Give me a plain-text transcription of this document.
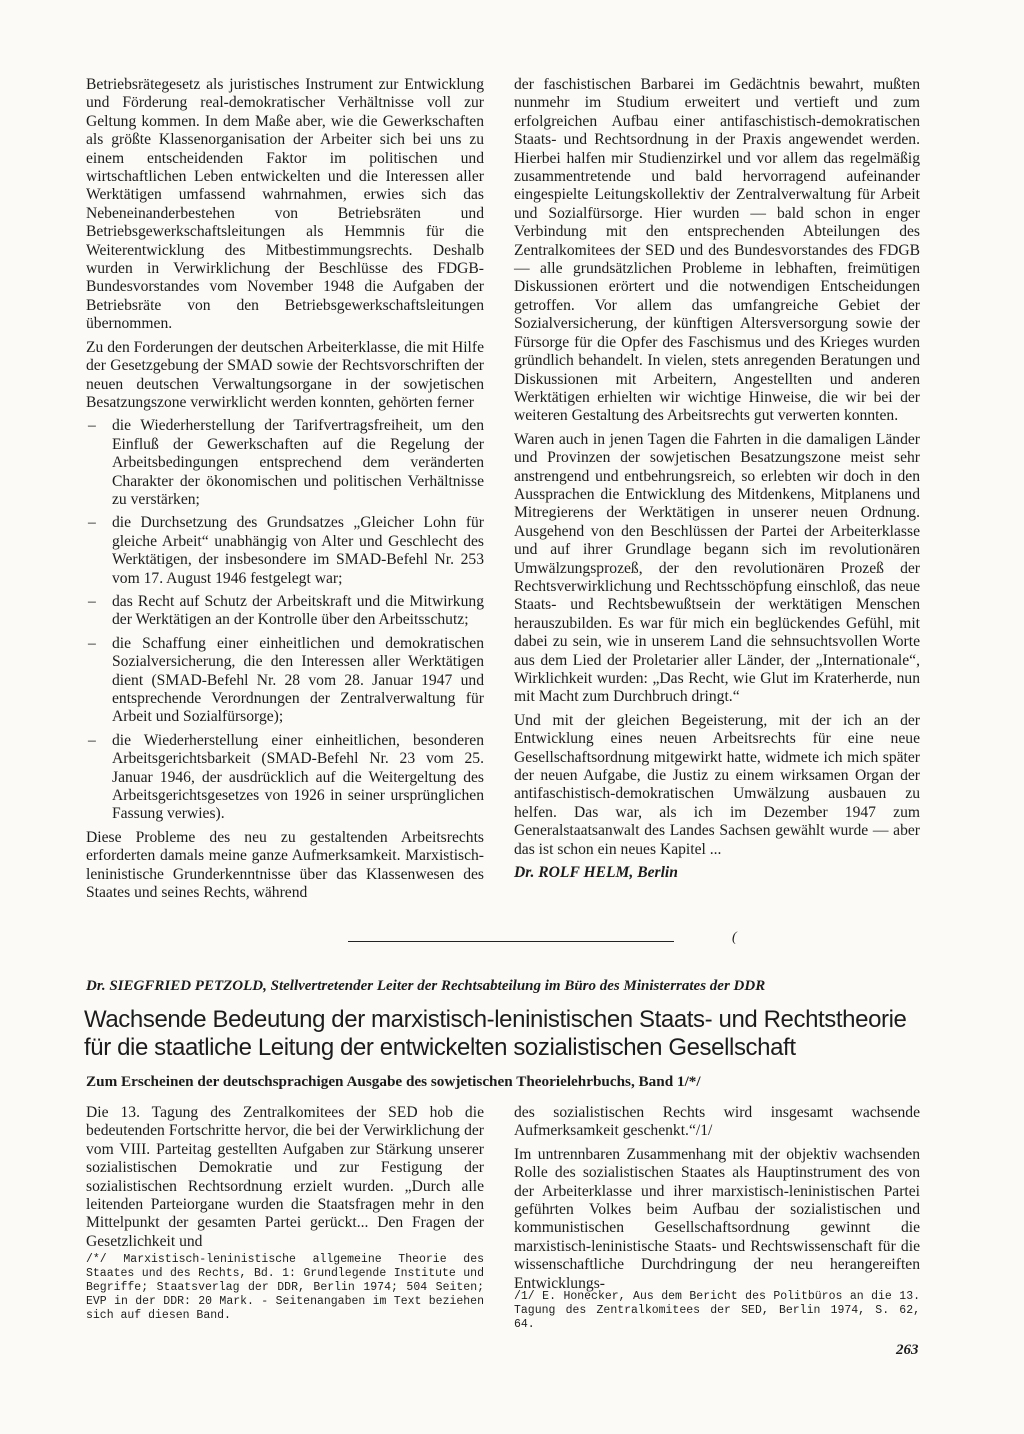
Betriebsrätegesetz als juristisches Instrument zur Entwicklung und Förderung real-demokratischer Verhältnisse voll zur Geltung kommen. In dem Maße aber, wie die Gewerkschaften als größte Klassenorganisation der Arbeiter sich bei uns zu einem entscheidenden Faktor im politischen und wirtschaftlichen Leben entwickelten und die Interessen aller Werktätigen umfassend wahrnahmen, erwies sich das Nebeneinanderbestehen von Betriebsräten und Betriebsgewerkschaftsleitungen als Hemmnis für die Weiterentwicklung des Mitbestimmungsrechts. Deshalb wurden in Verwirklichung der Beschlüsse des FDGB-Bundesvorstandes vom November 1948 die Aufgaben der Betriebsräte von den Betriebsgewerkschaftsleitungen übernommen.

Zu den Forderungen der deutschen Arbeiterklasse, die mit Hilfe der Gesetzgebung der SMAD sowie der Rechtsvorschriften der neuen deutschen Verwaltungsorgane in der sowjetischen Besatzungszone verwirklicht werden konnten, gehörten ferner

– die Wiederherstellung der Tarifvertragsfreiheit, um den Einfluß der Gewerkschaften auf die Regelung der Arbeitsbedingungen entsprechend dem veränderten Charakter der ökonomischen und politischen Verhältnisse zu verstärken;
– die Durchsetzung des Grundsatzes „Gleicher Lohn für gleiche Arbeit“ unabhängig von Alter und Geschlecht des Werktätigen, der insbesondere im SMAD-Befehl Nr. 253 vom 17. August 1946 festgelegt war;
– das Recht auf Schutz der Arbeitskraft und die Mitwirkung der Werktätigen an der Kontrolle über den Arbeitsschutz;
– die Schaffung einer einheitlichen und demokratischen Sozialversicherung, die den Interessen aller Werktätigen dient (SMAD-Befehl Nr. 28 vom 28. Januar 1947 und entsprechende Verordnungen der Zentralverwaltung für Arbeit und Sozialfürsorge);
– die Wiederherstellung einer einheitlichen, besonderen Arbeitsgerichtsbarkeit (SMAD-Befehl Nr. 23 vom 25. Januar 1946, der ausdrücklich auf die Weitergeltung des Arbeitsgerichtsgesetzes von 1926 in seiner ursprünglichen Fassung verwies).

Diese Probleme des neu zu gestaltenden Arbeitsrechts erforderten damals meine ganze Aufmerksamkeit. Marxistisch-leninistische Grunderkenntnisse über das Klassenwesen des Staates und seines Rechts, während

der faschistischen Barbarei im Gedächtnis bewahrt, mußten nunmehr im Studium erweitert und vertieft und zum erfolgreichen Aufbau einer antifaschistisch-demokratischen Staats- und Rechtsordnung in der Praxis angewendet werden. Hierbei halfen mir Studienzirkel und vor allem das regelmäßig zusammentretende und bald hervorragend aufeinander eingespielte Leitungskollektiv der Zentralverwaltung für Arbeit und Sozialfürsorge. Hier wurden — bald schon in enger Verbindung mit den entsprechenden Abteilungen des Zentralkomitees der SED und des Bundesvorstandes des FDGB — alle grundsätzlichen Probleme in lebhaften, freimütigen Diskussionen erörtert und die notwendigen Entscheidungen getroffen. Vor allem das umfangreiche Gebiet der Sozialversicherung, der künftigen Altersversorgung sowie der Fürsorge für die Opfer des Faschismus und des Krieges wurden gründlich behandelt. In vielen, stets anregenden Beratungen und Diskussionen mit Arbeitern, Angestellten und anderen Werktätigen erhielten wir wichtige Hinweise, die wir bei der weiteren Gestaltung des Arbeitsrechts gut verwerten konnten.

Waren auch in jenen Tagen die Fahrten in die damaligen Länder und Provinzen der sowjetischen Besatzungszone meist sehr anstrengend und entbehrungsreich, so erlebten wir doch in den Aussprachen die Entwicklung des Mitdenkens, Mitplanens und Mitregierens der Werktätigen in unserer neuen Ordnung. Ausgehend von den Beschlüssen der Partei der Arbeiterklasse und auf ihrer Grundlage begann sich im revolutionären Umwälzungsprozeß, der den revolutionären Prozeß der Rechtsverwirklichung und Rechtsschöpfung einschloß, das neue Staats- und Rechtsbewußtsein der werktätigen Menschen herauszubilden. Es war für mich ein beglückendes Gefühl, mit dabei zu sein, wie in unserem Land die sehnsuchtsvollen Worte aus dem Lied der Proletarier aller Länder, der „Internationale“, Wirklichkeit wurden: „Das Recht, wie Glut im Kraterherde, nun mit Macht zum Durchbruch dringt.“

Und mit der gleichen Begeisterung, mit der ich an der Entwicklung eines neuen Arbeitsrechts für eine neue Gesellschaftsordnung mitgewirkt hatte, widmete ich mich später der neuen Aufgabe, die Justiz zu einem wirksamen Organ der antifaschistisch-demokratischen Umwälzung ausbauen zu helfen. Das war, als ich im Dezember 1947 zum Generalstaatsanwalt des Landes Sachsen gewählt wurde — aber das ist schon ein neues Kapitel ...

Dr. ROLF HELM, Berlin

(
Dr. SIEGFRIED PETZOLD, Stellvertretender Leiter der Rechtsabteilung im Büro des Ministerrates der DDR
Wachsende Bedeutung der marxistisch-leninistischen Staats- und Rechtstheorie
für die staatliche Leitung der entwickelten sozialistischen Gesellschaft
Zum Erscheinen der deutschsprachigen Ausgabe des sowjetischen Theorielehrbuchs, Band 1/*/

Die 13. Tagung des Zentralkomitees der SED hob die bedeutenden Fortschritte hervor, die bei der Verwirklichung der vom VIII. Parteitag gestellten Aufgaben zur Stärkung unserer sozialistischen Demokratie und zur Festigung der sozialistischen Rechtsordnung erzielt wurden. „Durch alle leitenden Parteiorgane wurden die Staatsfragen mehr in den Mittelpunkt der gesamten Partei gerückt... Den Fragen der Gesetzlichkeit und

des sozialistischen Rechts wird insgesamt wachsende Aufmerksamkeit geschenkt.“/1/

Im untrennbaren Zusammenhang mit der objektiv wachsenden Rolle des sozialistischen Staates als Hauptinstrument des von der Arbeiterklasse und ihrer marxistisch-leninistischen Partei geführten Volkes beim Aufbau der sozialistischen und kommunistischen Gesellschaftsordnung gewinnt die marxistisch-leninistische Staats- und Rechtswissenschaft für die wissenschaftliche Durchdringung der neu herangereiften Entwicklungs-

/*/ Marxistisch-leninistische allgemeine Theorie des Staates und des Rechts, Bd. 1: Grundlegende Institute und Begriffe; Staatsverlag der DDR, Berlin 1974; 504 Seiten; EVP in der DDR: 20 Mark. - Seitenangaben im Text beziehen sich auf diesen Band.
/1/ E. Honecker, Aus dem Bericht des Politbüros an die 13. Tagung des Zentralkomitees der SED, Berlin 1974, S. 62, 64.
263
